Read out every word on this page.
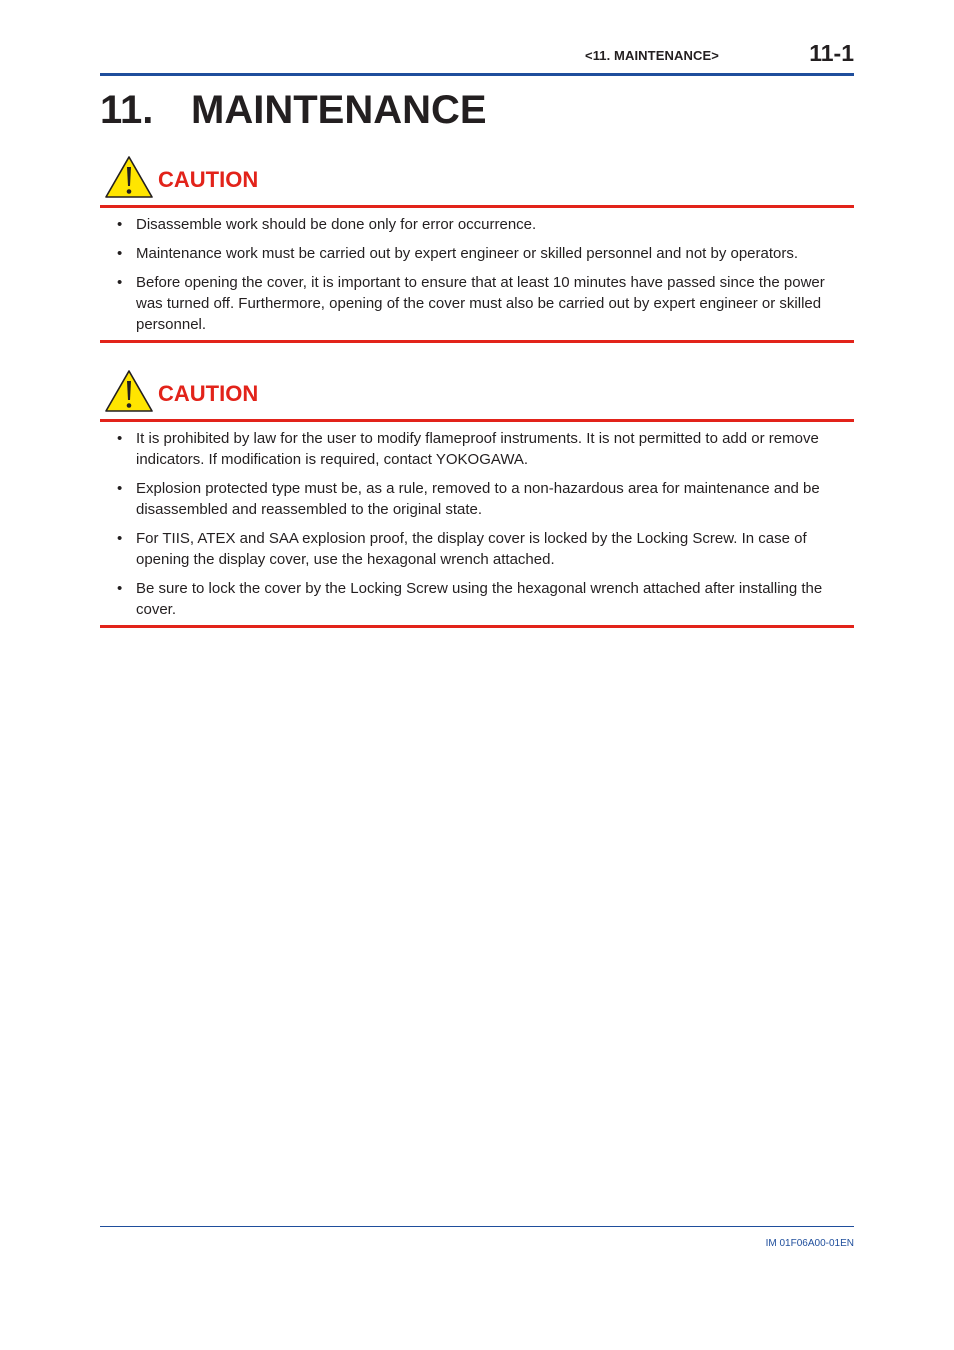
<11. MAINTENANCE>	11-1
11. MAINTENANCE
CAUTION
• Disassemble work should be done only for error occurrence.
• Maintenance work must be carried out by expert engineer or skilled personnel and not by operators.
• Before opening the cover, it is important to ensure that at least 10 minutes have passed since the power was turned off. Furthermore, opening of the cover must also be carried out by expert engineer or skilled personnel.
CAUTION
• It is prohibited by law for the user to modify flameproof instruments. It is not permitted to add or remove indicators. If modification is required, contact YOKOGAWA.
• Explosion protected type must be, as a rule, removed to a non-hazardous area for maintenance and be disassembled and reassembled to the original state.
• For TIIS, ATEX and SAA explosion proof, the display cover is locked by the Locking Screw. In case of opening the display cover, use the hexagonal wrench attached.
• Be sure to lock the cover by the Locking Screw using the hexagonal wrench attached after installing the cover.
IM 01F06A00-01EN
